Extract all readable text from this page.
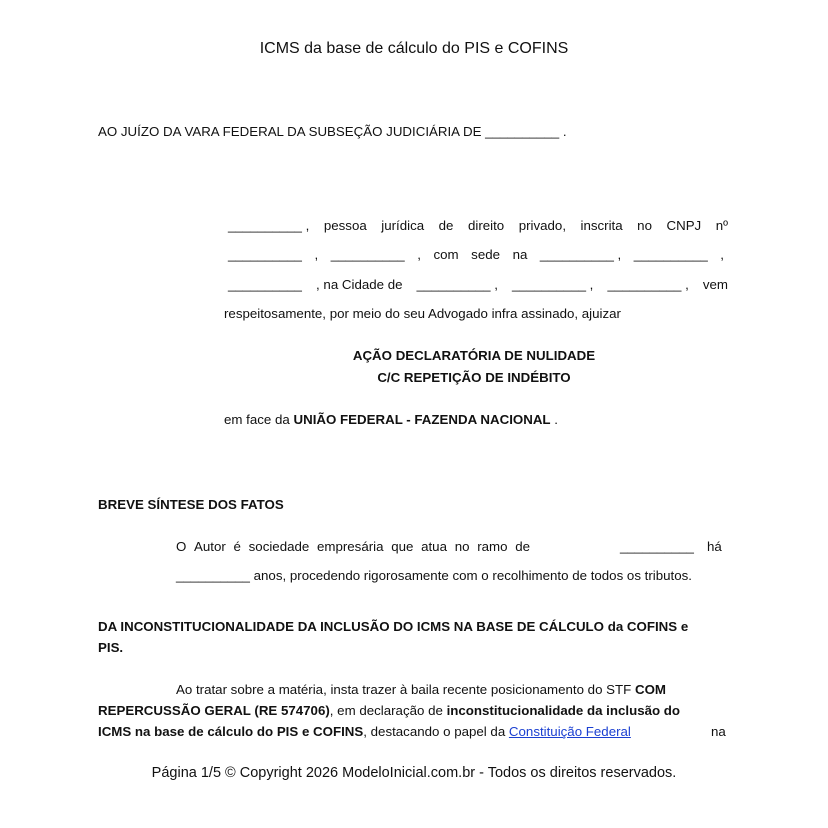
ICMS da base de cálculo do PIS e COFINS
AO JUÍZO DA VARA FEDERAL DA SUBSEÇÃO JUDICIÁRIA DE __________ .
__________ , pessoa jurídica de direito privado, inscrita no CNPJ nº
__________ , __________ , com sede na __________ , __________ ,
__________ , na Cidade de __________ , __________ , __________ , vem
respeitosamente, por meio do seu Advogado infra assinado, ajuizar
AÇÃO DECLARATÓRIA DE NULIDADE
C/C REPETIÇÃO DE INDÉBITO
em face da UNIÃO FEDERAL - FAZENDA NACIONAL .
BREVE SÍNTESE DOS FATOS
O Autor é sociedade empresária que atua no ramo de	__________ há
__________ anos, procedendo rigorosamente com o recolhimento de todos os tributos.
DA INCONSTITUCIONALIDADE DA INCLUSÃO DO ICMS NA BASE DE CÁLCULO da COFINS e
PIS.
Ao tratar sobre a matéria, insta trazer à baila recente posicionamento do STF COM
REPERCUSSÃO GERAL (RE 574706), em declaração de inconstitucionalidade da inclusão do
ICMS na base de cálculo do PIS e COFINS, destacando o papel da Constituição Federal	na
Página 1/5 © Copyright 2026 ModeloInicial.com.br - Todos os direitos reservados.
